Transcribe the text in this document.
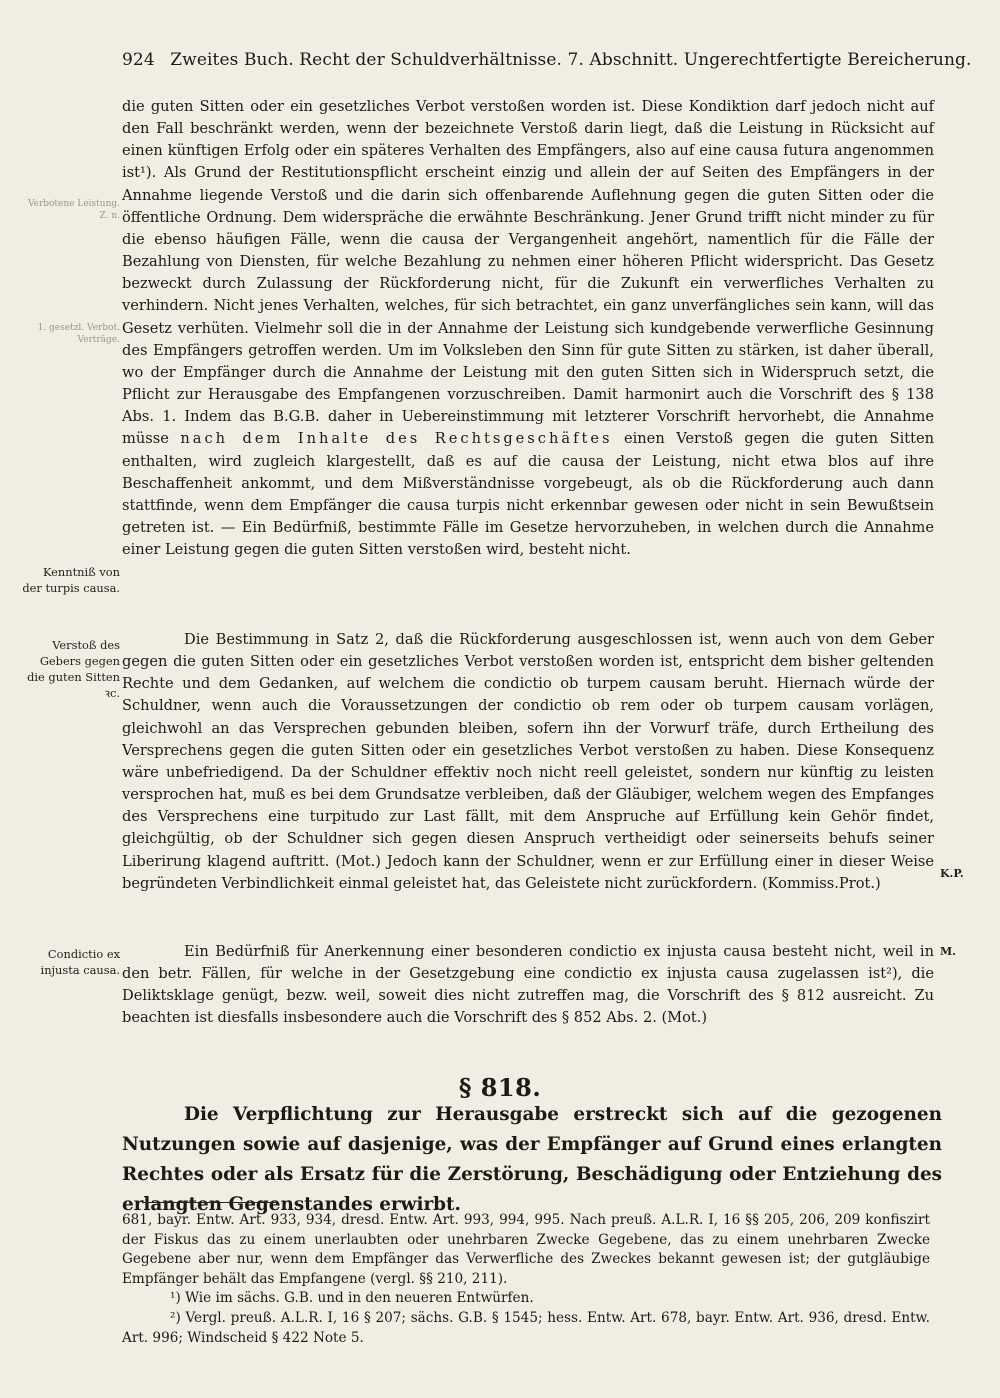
924 Zweites Buch. Recht der Schuldverhältnisse. 7. Abschnitt. Ungerechtfertigte Bereicherung.
Verbotene Leistung. Z. n.
1. gesetzl. Verbot. Verträge.

die guten Sitten oder ein gesetzliches Verbot verstoßen worden ist. Diese Kondiktion darf jedoch nicht auf den Fall beschränkt werden, wenn der bezeichnete Verstoß darin liegt, daß die Leistung in Rücksicht auf einen künftigen Erfolg oder ein späteres Verhalten des Empfängers, also auf eine causa futura angenommen ist¹). Als Grund der Restitutionspflicht erscheint einzig und allein der auf Seiten des Empfängers in der Annahme liegende Verstoß und die darin sich offenbarende Auflehnung gegen die guten Sitten oder die öffentliche Ordnung. Dem widerspräche die erwähnte Beschränkung. Jener Grund trifft nicht minder zu für die ebenso häufigen Fälle, wenn die causa der Vergangenheit angehört, namentlich für die Fälle der Bezahlung von Diensten, für welche Bezahlung zu nehmen einer höheren Pflicht widerspricht. Das Gesetz bezweckt durch Zulassung der Rückforderung nicht, für die Zukunft ein verwerfliches Verhalten zu verhindern. Nicht jenes Verhalten, welches, für sich betrachtet, ein ganz unverfängliches sein kann, will das Gesetz verhüten. Vielmehr soll die in der Annahme der Leistung sich kundgebende verwerfliche Gesinnung des Empfängers getroffen werden. Um im Volksleben den Sinn für gute Sitten zu stärken, ist daher überall, wo der Empfänger durch die Annahme der Leistung mit den guten Sitten sich in Widerspruch setzt, die Pflicht zur Herausgabe des Empfangenen vorzuschreiben. Damit harmonirt auch die Vorschrift des § 138 Abs. 1. Indem das B.G.B. daher in Uebereinstimmung mit letzterer Vorschrift hervorhebt, die Annahme müsse nach dem Inhalte des Rechtsgeschäftes einen Verstoß gegen die guten Sitten enthalten, wird zugleich klargestellt, daß es auf die causa der Leistung, nicht etwa blos auf ihre Beschaffenheit ankommt, und dem Mißverständnisse vorgebeugt, als ob die Rückforderung auch dann stattfinde, wenn dem Empfänger die causa turpis nicht erkennbar gewesen oder nicht in sein Bewußtsein getreten ist. — Ein Bedürfniß, bestimmte Fälle im Gesetze hervorzuheben, in welchen durch die Annahme einer Leistung gegen die guten Sitten verstoßen wird, besteht nicht.

Kenntniß von der turpis causa.

Die Bestimmung in Satz 2, daß die Rückforderung ausgeschlossen ist, wenn auch von dem Geber gegen die guten Sitten oder ein gesetzliches Verbot verstoßen worden ist, entspricht dem bisher geltenden Rechte und dem Gedanken, auf welchem die condictio ob turpem causam beruht. Hiernach würde der Schuldner, wenn auch die Voraussetzungen der condictio ob rem oder ob turpem causam vorlägen, gleichwohl an das Versprechen gebunden bleiben, sofern ihn der Vorwurf träfe, durch Ertheilung des Versprechens gegen die guten Sitten oder ein gesetzliches Verbot verstoßen zu haben. Diese Konsequenz wäre unbefriedigend. Da der Schuldner effektiv noch nicht reell geleistet, sondern nur künftig zu leisten versprochen hat, muß es bei dem Grundsatze verbleiben, daß der Gläubiger, welchem wegen des Empfanges des Versprechens eine turpitudo zur Last fällt, mit dem Anspruche auf Erfüllung kein Gehör findet, gleichgültig, ob der Schuldner sich gegen diesen Anspruch vertheidigt oder seinerseits behufs seiner Liberirung klagend auftritt. (Mot.) Jedoch kann der Schuldner, wenn er zur Erfüllung einer in dieser Weise begründeten Verbindlichkeit einmal geleistet hat, das Geleistete nicht zurückfordern. (Kommiss.Prot.)

Verstoß des Gebers gegen die guten Sitten ꝛc.
K.P.

Ein Bedürfniß für Anerkennung einer besonderen condictio ex injusta causa besteht nicht, weil in den betr. Fällen, für welche in der Gesetzgebung eine condictio ex injusta causa zugelassen ist²), die Deliktsklage genügt, bezw. weil, soweit dies nicht zutreffen mag, die Vorschrift des § 812 ausreicht. Zu beachten ist diesfalls insbesondere auch die Vorschrift des § 852 Abs. 2. (Mot.)

Condictio ex injusta causa.
M.
§ 818.

Die Verpflichtung zur Herausgabe erstreckt sich auf die gezogenen Nutzungen sowie auf dasjenige, was der Empfänger auf Grund eines erlangten Rechtes oder als Ersatz für die Zerstörung, Beschädigung oder Entziehung des erlangten Gegenstandes erwirbt.

681, bayr. Entw. Art. 933, 934, dresd. Entw. Art. 993, 994, 995. Nach preuß. A.L.R. I, 16 §§ 205, 206, 209 konfiszirt der Fiskus das zu einem unerlaubten oder unehrbaren Zwecke Gegebene, das zu einem unehrbaren Zwecke Gegebene aber nur, wenn dem Empfänger das Verwerfliche des Zweckes bekannt gewesen ist; der gutgläubige Empfänger behält das Empfangene (vergl. §§ 210, 211).

¹) Wie im sächs. G.B. und in den neueren Entwürfen.

²) Vergl. preuß. A.L.R. I, 16 § 207; sächs. G.B. § 1545; hess. Entw. Art. 678, bayr. Entw. Art. 936, dresd. Entw. Art. 996; Windscheid § 422 Note 5.
